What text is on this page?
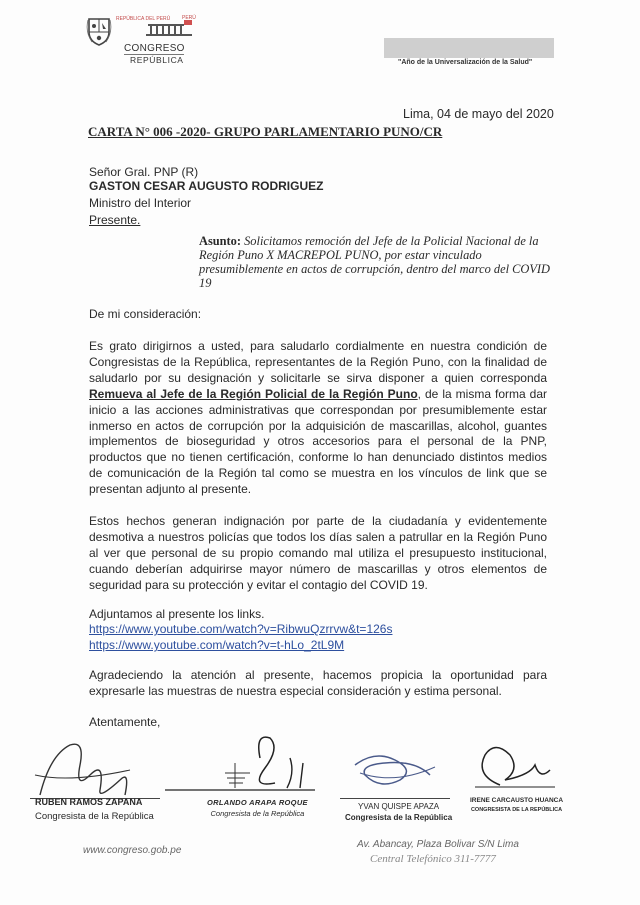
REPÚBLICA DEL PERÚ PERÚ
CONGRESO
REPÚBLICA	"Año de la Universalización de la Salud"
Lima, 04 de mayo del 2020
CARTA N° 006 -2020- GRUPO PARLAMENTARIO PUNO/CR
Señor Gral. PNP (R)
GASTON CESAR AUGUSTO RODRIGUEZ
Ministro del Interior
Presente.
Asunto: Solicitamos remoción del Jefe de la Policial Nacional de la Región Puno X MACREPOL PUNO, por estar vinculado presumiblemente en actos de corrupción, dentro del marco del COVID 19
De mi consideración:
Es grato dirigirnos a usted, para saludarlo cordialmente en nuestra condición de Congresistas de la República, representantes de la Región Puno, con la finalidad de saludarlo por su designación y solicitarle se sirva disponer a quien corresponda Remueva al Jefe de la Región Policial de la Región Puno, de la misma forma dar inicio a las acciones administrativas que correspondan por presumiblemente estar inmerso en actos de corrupción por la adquisición de mascarillas, alcohol, guantes implementos de bioseguridad y otros accesorios para el personal de la PNP, productos que no tienen certificación, conforme lo han denunciado distintos medios de comunicación de la Región tal como se muestra en los vínculos de link que se presentan adjunto al presente.
Estos hechos generan indignación por parte de la ciudadanía y evidentemente desmotiva a nuestros policías que todos los días salen a patrullar en la Región Puno al ver que personal de su propio comando mal utiliza el presupuesto institucional, cuando deberían adquirirse mayor número de mascarillas y otros elementos de seguridad para su protección y evitar el contagio del COVID 19.
Adjuntamos al presente los links.
https://www.youtube.com/watch?v=RibwuQzrrvw&t=126s
https://www.youtube.com/watch?v=t-hLo_2tL9M
Agradeciendo la atención al presente, hacemos propicia la oportunidad para expresarle las muestras de nuestra especial consideración y estima personal.
Atentamente,
RUBEN RAMOS ZAPANA
Congresista de la República
ORLANDO ARAPA ROQUE
Congresista de la República
YVAN QUISPE APAZA
Congresista de la República
IRENE CARCAUSTO HUANCA
CONGRESISTA DE LA REPÚBLICA
www.congreso.gob.pe
Av. Abancay, Plaza Bolivar S/N Lima
Central Telefónico 311-7777
